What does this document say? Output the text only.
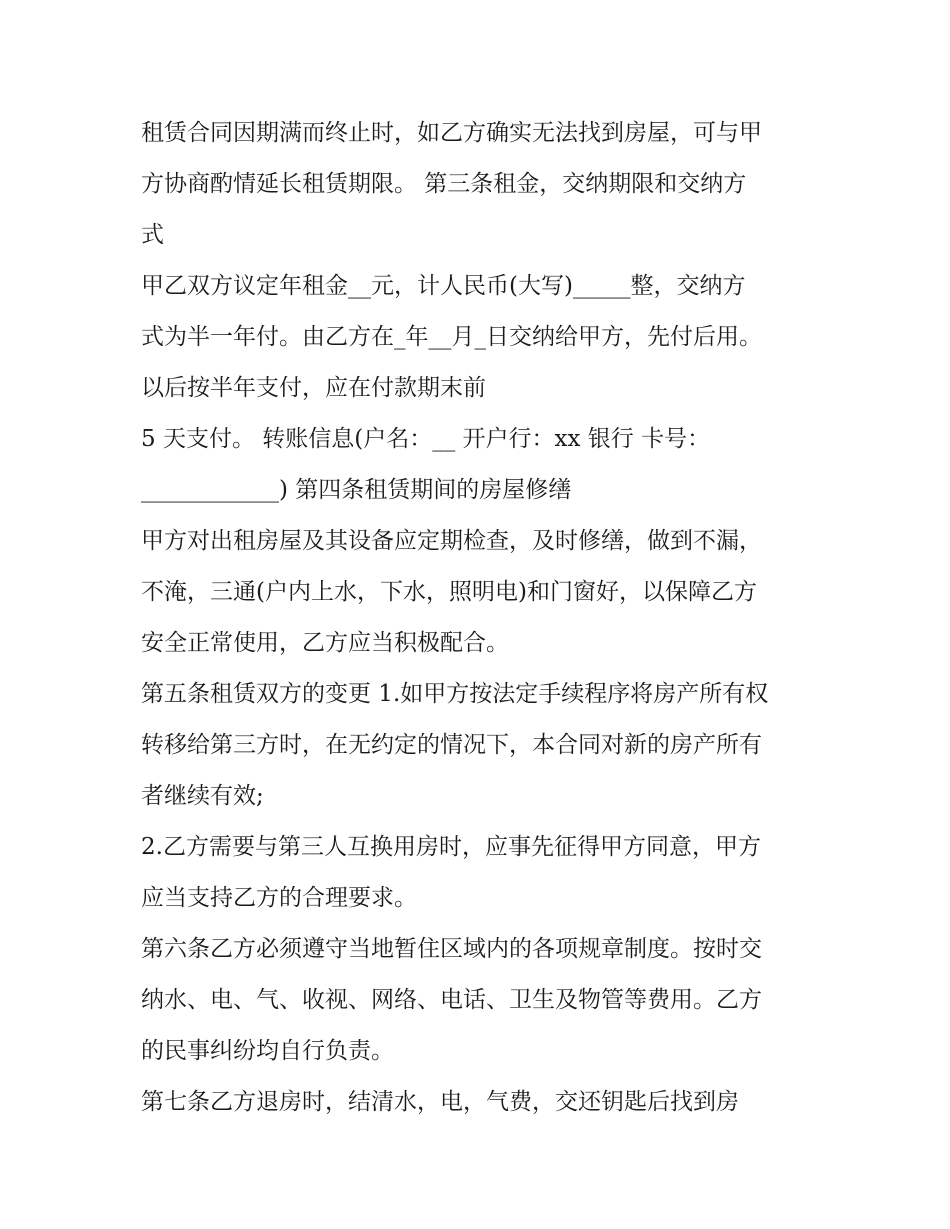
租赁合同因期满而终止时，如乙方确实无法找到房屋，可与甲
方协商酌情延长租赁期限。 第三条租金，交纳期限和交纳方
式
甲乙双方议定年租金__元，计人民币(大写)_____整，交纳方
式为半一年付。由乙方在_年__月_日交纳给甲方，先付后用。
以后按半年支付，应在付款期末前
5 天支付。 转账信息(户名：__ 开户行：xx 银行 卡号：
____________) 第四条租赁期间的房屋修缮
甲方对出租房屋及其设备应定期检查，及时修缮，做到不漏，
不淹，三通(户内上水，下水，照明电)和门窗好，以保障乙方
安全正常使用，乙方应当积极配合。
第五条租赁双方的变更 1.如甲方按法定手续程序将房产所有权
转移给第三方时，在无约定的情况下，本合同对新的房产所有
者继续有效;
2.乙方需要与第三人互换用房时，应事先征得甲方同意，甲方
应当支持乙方的合理要求。
第六条乙方必须遵守当地暂住区域内的各项规章制度。按时交
纳水、电、气、收视、网络、电话、卫生及物管等费用。乙方
的民事纠纷均自行负责。
第七条乙方退房时，结清水，电，气费，交还钥匙后找到房
